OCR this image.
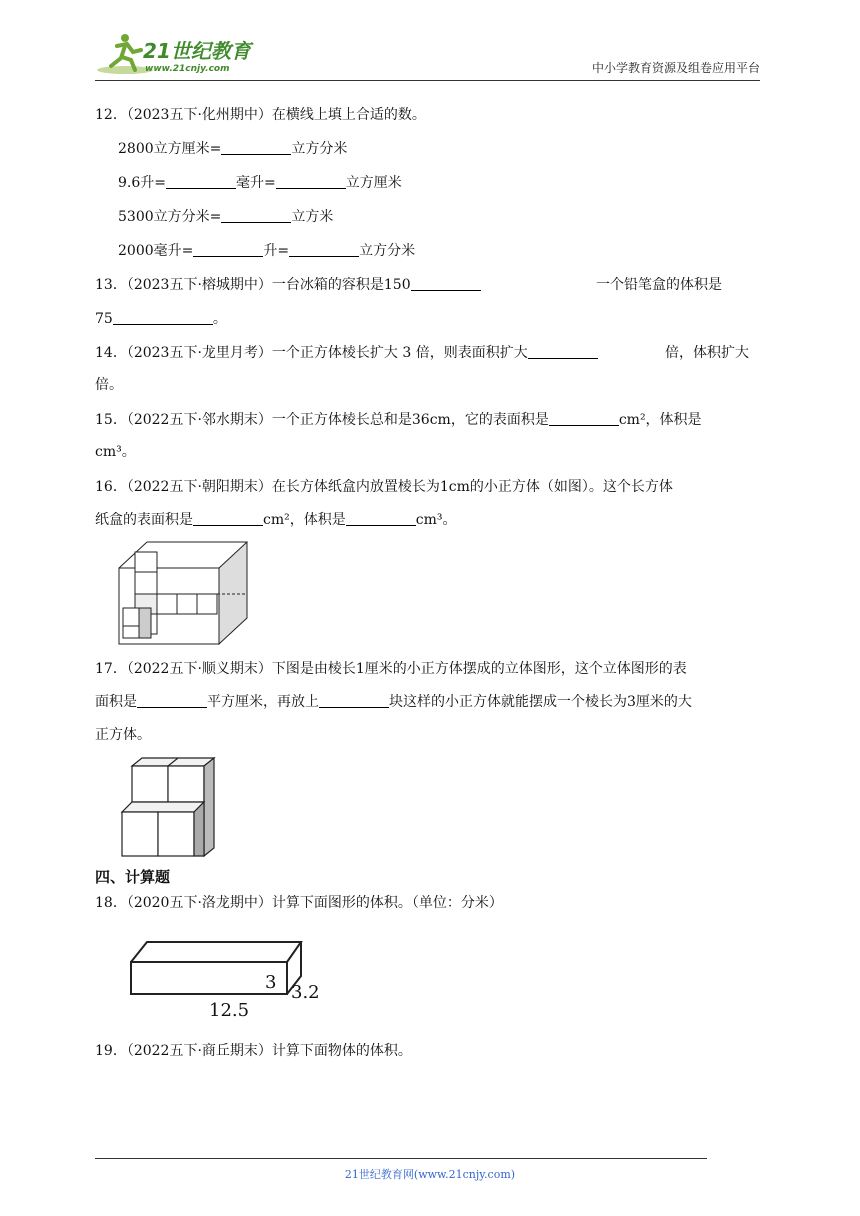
21世纪教育
www.21cnjy.com	中小学教育资源及组卷应用平台
12．（2023五下·化州期中）在横线上填上合适的数。
2800立方厘米=	立方分米
9.6升=	毫升=	立方厘米
5300立方分米=	立方米
2000毫升=	升=	立方分米
13．（2023五下·榕城期中）一台冰箱的容积是150	一个铅笔盒的体积是
75	。
14．（2023五下·龙里月考）一个正方体棱长扩大 3 倍，则表面积扩大	倍，体积扩大
倍。
15．（2022五下·邻水期末）一个正方体棱长总和是36cm，它的表面积是	cm²，体积是
cm³。
16．（2022五下·朝阳期末）在长方体纸盒内放置棱长为1cm的小正方体（如图）。这个长方体
纸盒的表面积是	cm²，体积是	cm³。
17．（2022五下·顺义期末）下图是由棱长1厘米的小正方体摆成的立体图形，这个立体图形的表
面积是	平方厘米，再放上	块这样的小正方体就能摆成一个棱长为3厘米的大
正方体。
四、计算题
18．（2020五下·洛龙期中）计算下面图形的体积。（单位：分米）
3 3.2
12.5
19．（2022五下·商丘期末）计算下面物体的体积。
21世纪教育网(www.21cnjy.com)
